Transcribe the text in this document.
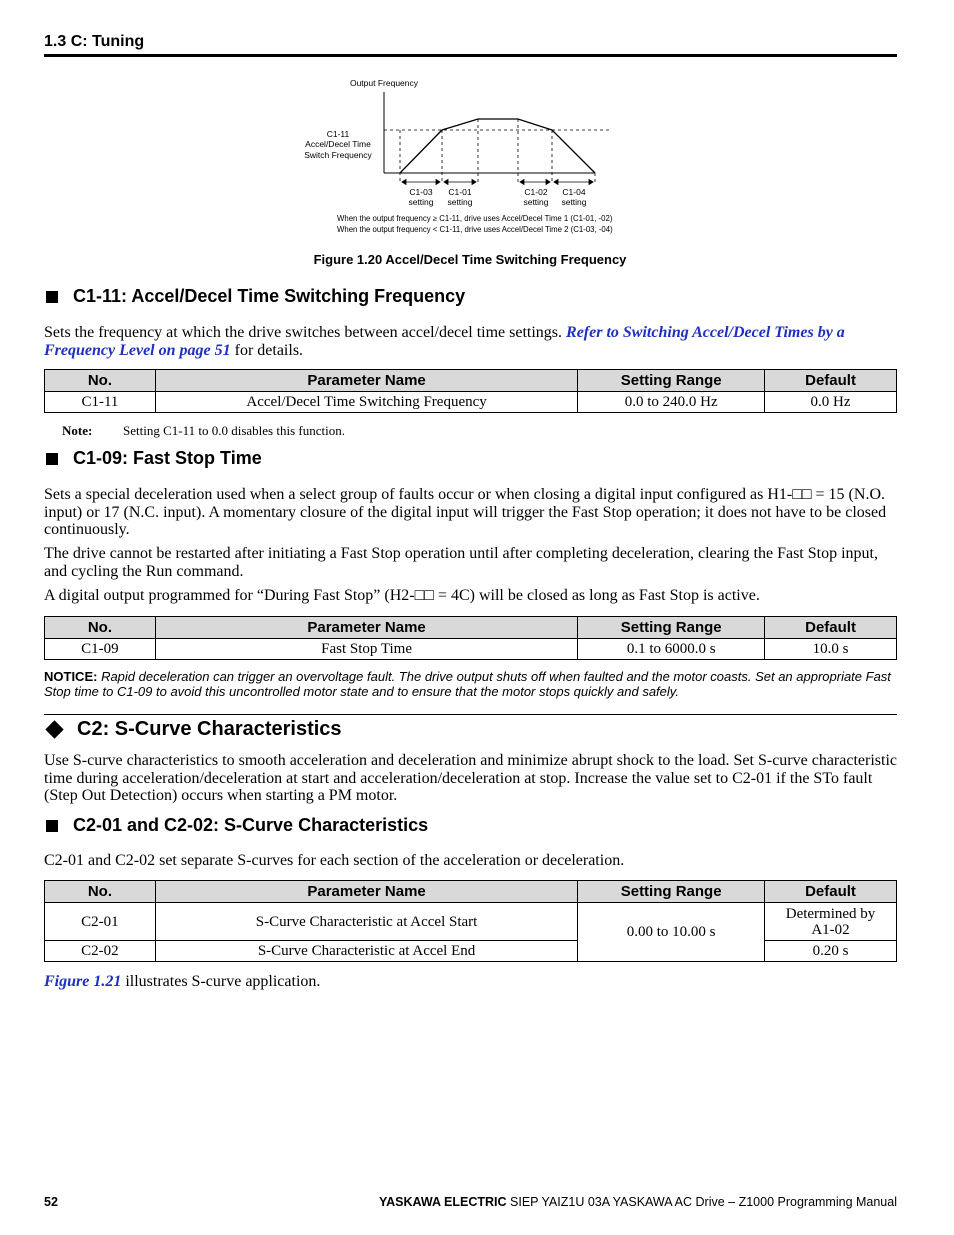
1.3 C: Tuning
Output Frequency
C1-11
Accel/Decel Time
Switch Frequency
C1-03
setting
C1-01
setting
C1-02
setting
C1-04
setting
When the output frequency ≥ C1-11, drive uses Accel/Decel Time 1 (C1-01, -02)
When the output frequency < C1-11, drive uses Accel/Decel Time 2 (C1-03, -04)
Figure 1.20 Accel/Decel Time Switching Frequency
C1-11: Accel/Decel Time Switching Frequency
Sets the frequency at which the drive switches between accel/decel time settings. Refer to Switching Accel/Decel Times by a Frequency Level on page 51 for details.
No.	Parameter Name	Setting Range	Default
C1-11	Accel/Decel Time Switching Frequency	0.0 to 240.0 Hz	0.0 Hz
Note: Setting C1-11 to 0.0 disables this function.
C1-09: Fast Stop Time
Sets a special deceleration used when a select group of faults occur or when closing a digital input configured as H1-□□ = 15 (N.O. input) or 17 (N.C. input). A momentary closure of the digital input will trigger the Fast Stop operation; it does not have to be closed continuously.
The drive cannot be restarted after initiating a Fast Stop operation until after completing deceleration, clearing the Fast Stop input, and cycling the Run command.
A digital output programmed for “During Fast Stop” (H2-□□ = 4C) will be closed as long as Fast Stop is active.
No.	Parameter Name	Setting Range	Default
C1-09	Fast Stop Time	0.1 to 6000.0 s	10.0 s
NOTICE: Rapid deceleration can trigger an overvoltage fault. The drive output shuts off when faulted and the motor coasts. Set an appropriate Fast Stop time to C1-09 to avoid this uncontrolled motor state and to ensure that the motor stops quickly and safely.
C2: S-Curve Characteristics
Use S-curve characteristics to smooth acceleration and deceleration and minimize abrupt shock to the load. Set S-curve characteristic time during acceleration/deceleration at start and acceleration/deceleration at stop. Increase the value set to C2-01 if the STo fault (Step Out Detection) occurs when starting a PM motor.
C2-01 and C2-02: S-Curve Characteristics
C2-01 and C2-02 set separate S-curves for each section of the acceleration or deceleration.
No.	Parameter Name	Setting Range	Default
C2-01	S-Curve Characteristic at Accel Start	0.00 to 10.00 s	Determined by A1-02
C2-02	S-Curve Characteristic at Accel End		0.20 s
Figure 1.21 illustrates S-curve application.
52	YASKAWA ELECTRIC SIEP YAIZ1U 03A YASKAWA AC Drive – Z1000 Programming Manual
